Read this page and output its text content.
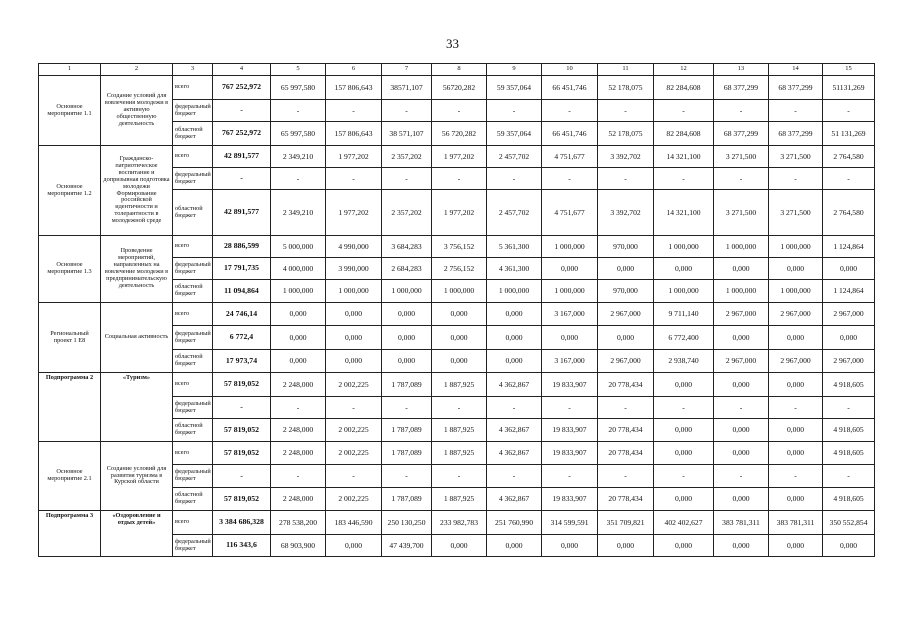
33
1	2	3	4	5	6	7	8	9	10	11	12	13	14	15
Основное мероприятие 1.1	Создание условий для вовлечения молодежи в активную общественную деятельность	всего	767 252,972	65 997,580	157 806,643	38571,107	56720,282	59 357,064	66 451,746	52 178,075	82 284,608	68 377,299	68 377,299	51131,269
		федеральный бюджет	-	-	-	-	-	-	-	-	-	-	-	-
		областной бюджет	767 252,972	65 997,580	157 806,643	38 571,107	56 720,282	59 357,064	66 451,746	52 178,075	82 284,608	68 377,299	68 377,299	51 131,269
Основное мероприятие 1.2	Гражданско-патриотическое воспитание и допризывная подготовка молодежи Формирование российской идентичности и толерантности в молодежной среде	всего	42 891,577	2 349,210	1 977,202	2 357,202	1 977,202	2 457,702	4 751,677	3 392,702	14 321,100	3 271,500	3 271,500	2 764,580
		федеральный бюджет	-	-	-	-	-	-	-	-	-	-	-	-
		областной бюджет	42 891,577	2 349,210	1 977,202	2 357,202	1 977,202	2 457,702	4 751,677	3 392,702	14 321,100	3 271,500	3 271,500	2 764,580
Основное мероприятие 1.3	Проведение мероприятий, направленных на вовлечение молодежи в предпринимательскую деятельность	всего	28 886,599	5 000,000	4 990,000	3 684,283	3 756,152	5 361,300	1 000,000	970,000	1 000,000	1 000,000	1 000,000	1 124,864
		федеральный бюджет	17 791,735	4 000,000	3 990,000	2 684,283	2 756,152	4 361,300	0,000	0,000	0,000	0,000	0,000	0,000
		областной бюджет	11 094,864	1 000,000	1 000,000	1 000,000	1 000,000	1 000,000	1 000,000	970,000	1 000,000	1 000,000	1 000,000	1 124,864
Региональный проект 1 Е8	Социальная активность	всего	24 746,14	0,000	0,000	0,000	0,000	0,000	3 167,000	2 967,000	9 711,140	2 967,000	2 967,000	2 967,000
		федеральный бюджет	6 772,4	0,000	0,000	0,000	0,000	0,000	0,000	0,000	6 772,400	0,000	0,000	0,000
		областной бюджет	17 973,74	0,000	0,000	0,000	0,000	0,000	3 167,000	2 967,000	2 938,740	2 967,000	2 967,000	2 967,000
Подпрограмма 2	«Туризм»	всего	57 819,052	2 248,000	2 002,225	1 787,089	1 887,925	4 362,867	19 833,907	20 778,434	0,000	0,000	0,000	4 918,605
		федеральный бюджет	-	-	-	-	-	-	-	-	-	-	-	-
		областной бюджет	57 819,052	2 248,000	2 002,225	1 787,089	1 887,925	4 362,867	19 833,907	20 778,434	0,000	0,000	0,000	4 918,605
Основное мероприятие 2.1	Создание условий для развития туризма в Курской области	всего	57 819,052	2 248,000	2 002,225	1 787,089	1 887,925	4 362,867	19 833,907	20 778,434	0,000	0,000	0,000	4 918,605
		федеральный бюджет	-	-	-	-	-	-	-	-	-	-	-	-
		областной бюджет	57 819,052	2 248,000	2 002,225	1 787,089	1 887,925	4 362,867	19 833,907	20 778,434	0,000	0,000	0,000	4 918,605
Подпрограмма 3	«Оздоровление и отдых детей»	всего	3 384 686,328	278 538,200	183 446,590	250 130,250	233 982,783	251 760,990	314 599,591	351 709,821	402 402,627	383 781,311	383 781,311	350 552,854
		федеральный бюджет	116 343,6	68 903,900	0,000	47 439,700	0,000	0,000	0,000	0,000	0,000	0,000	0,000	0,000
